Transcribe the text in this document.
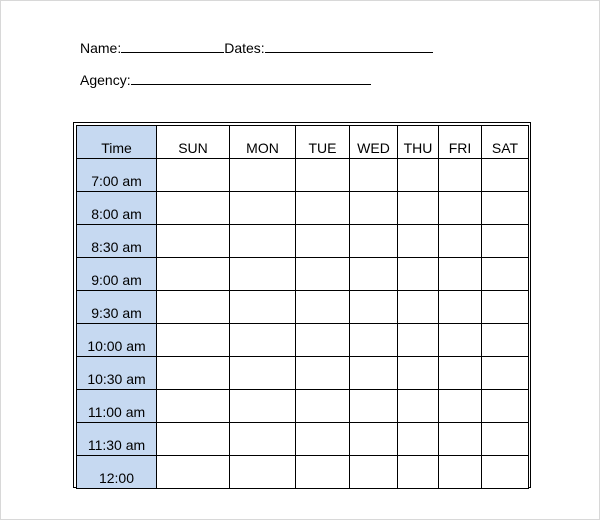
Name:	Dates:
Agency:
Time	SUN	MON	TUE	WED	THU	FRI	SAT
7:00 am							
8:00 am							
8:30 am							
9:00 am							
9:30 am							
10:00 am							
10:30 am							
11:00 am							
11:30 am							
12:00							
